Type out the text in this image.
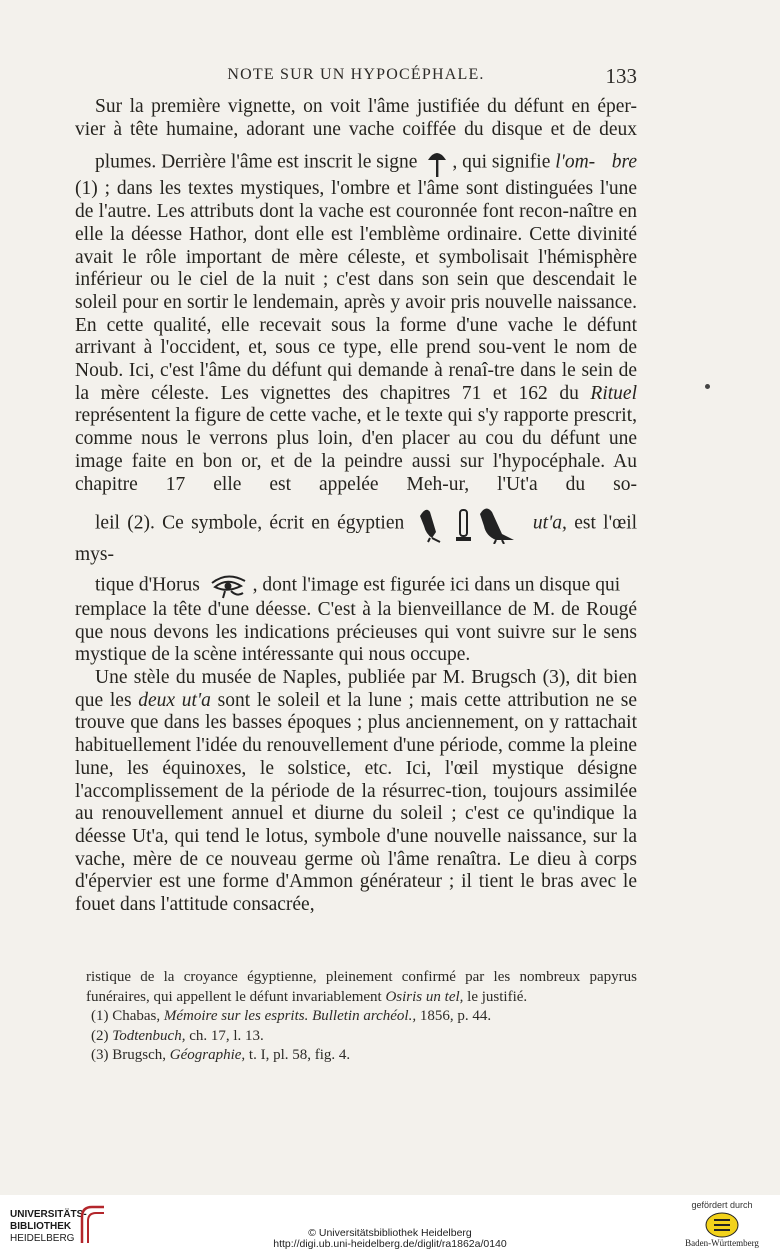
NOTE SUR UN HYPOCÉPHALE.	133

Sur la première vignette, on voit l'âme justifiée du défunt en éper-vier à tête humaine, adorant une vache coiffée du disque et de deux plumes. Derrière l'âme est inscrit le signe , qui signifie l'om- bre (1) ; dans les textes mystiques, l'ombre et l'âme sont distinguées l'une de l'autre. Les attributs dont la vache est couronnée font recon-naître en elle la déesse Hathor, dont elle est l'emblème ordinaire. Cette divinité avait le rôle important de mère céleste, et symbolisait l'hémisphère inférieur ou le ciel de la nuit ; c'est dans son sein que descendait le soleil pour en sortir le lendemain, après y avoir pris nouvelle naissance. En cette qualité, elle recevait sous la forme d'une vache le défunt arrivant à l'occident, et, sous ce type, elle prend sou-vent le nom de Noub. Ici, c'est l'âme du défunt qui demande à renaî-tre dans le sein de la mère céleste. Les vignettes des chapitres 71 et 162 du Rituel représentent la figure de cette vache, et le texte qui s'y rapporte prescrit, comme nous le verrons plus loin, d'en placer au cou du défunt une image faite en bon or, et de la peindre aussi sur l'hypocéphale. Au chapitre 17 elle est appelée Meh-ur, l'Ut'a du so- leil (2). Ce symbole, écrit en égyptien	ut'a, est l'œil mys- tique d'Horus	, dont l'image est figurée ici dans un disque qui remplace la tête d'une déesse. C'est à la bienveillance de M. de Rougé que nous devons les indications précieuses qui vont suivre sur le sens mystique de la scène intéressante qui nous occupe.

Une stèle du musée de Naples, publiée par M. Brugsch (3), dit bien que les deux ut'a sont le soleil et la lune ; mais cette attribution ne se trouve que dans les basses époques ; plus anciennement, on y rattachait habituellement l'idée du renouvellement d'une période, comme la pleine lune, les équinoxes, le solstice, etc. Ici, l'œil mystique désigne l'accomplissement de la période de la résurrec-tion, toujours assimilée au renouvellement annuel et diurne du soleil ; c'est ce qu'indique la déesse Ut'a, qui tend le lotus, symbole d'une nouvelle naissance, sur la vache, mère de ce nouveau germe où l'âme renaîtra. Le dieu à corps d'épervier est une forme d'Ammon générateur ; il tient le bras avec le fouet dans l'attitude consacrée,

ristique de la croyance égyptienne, pleinement confirmé par les nombreux papyrus funéraires, qui appellent le défunt invariablement Osiris un tel, le justifié.

(1) Chabas, Mémoire sur les esprits. Bulletin archéol., 1856, p. 44.

(2) Todtenbuch, ch. 17, l. 13.

(3) Brugsch, Géographie, t. I, pl. 58, fig. 4.

UNIVERSITÄTS-
BIBLIOTHEK
HEIDELBERG	© Universitätsbibliothek Heidelberg
http://digi.ub.uni-heidelberg.de/diglit/ra1862a/0140
gefördert durch
Baden-Württemberg
